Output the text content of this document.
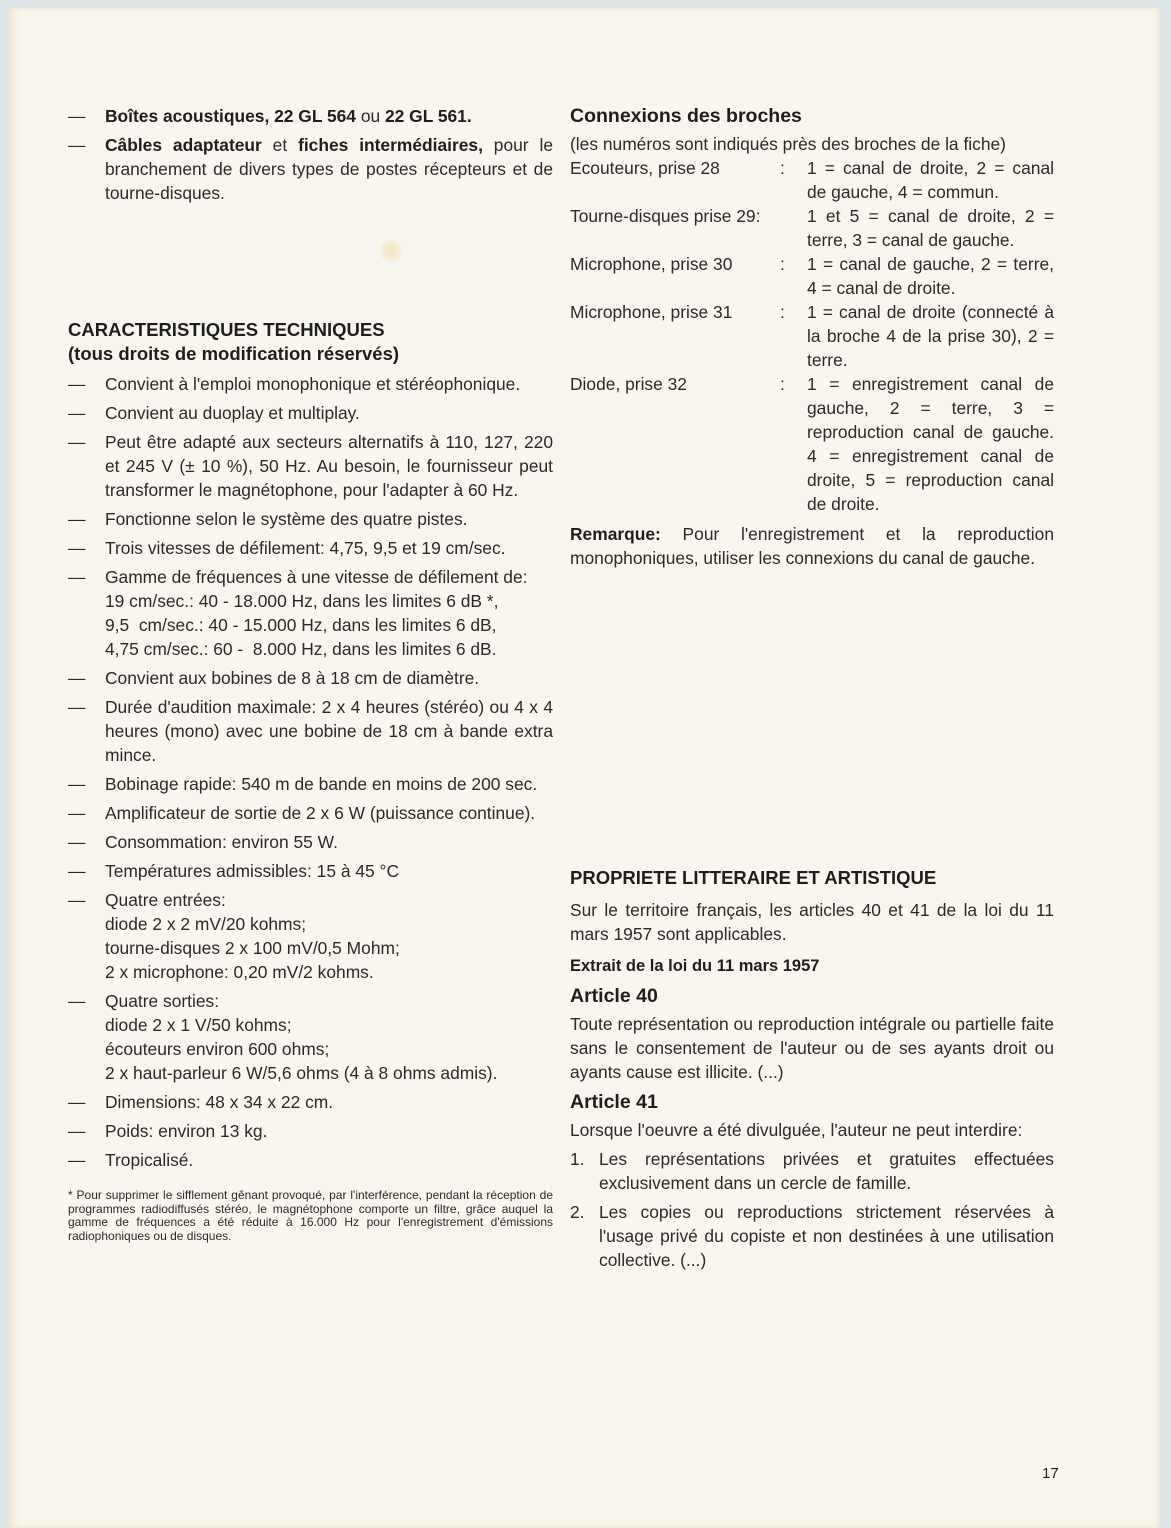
— Boîtes acoustiques, 22 GL 564 ou 22 GL 561.
— Câbles adaptateur et fiches intermédiaires, pour le branchement de divers types de postes récepteurs et de tourne-disques.
CARACTERISTIQUES TECHNIQUES
(tous droits de modification réservés)
— Convient à l'emploi monophonique et stéréophonique.
— Convient au duoplay et multiplay.
— Peut être adapté aux secteurs alternatifs à 110, 127, 220 et 245 V (± 10 %), 50 Hz. Au besoin, le fournisseur peut transformer le magnétophone, pour l'adapter à 60 Hz.
— Fonctionne selon le système des quatre pistes.
— Trois vitesses de défilement: 4,75, 9,5 et 19 cm/sec.
— Gamme de fréquences à une vitesse de défilement de:
19 cm/sec.: 40 - 18.000 Hz, dans les limites 6 dB *,
9,5  cm/sec.: 40 - 15.000 Hz, dans les limites 6 dB,
4,75 cm/sec.: 60 -  8.000 Hz, dans les limites 6 dB.
— Convient aux bobines de 8 à 18 cm de diamètre.
— Durée d'audition maximale: 2 x 4 heures (stéréo) ou 4 x 4 heures (mono) avec une bobine de 18 cm à bande extra mince.
— Bobinage rapide: 540 m de bande en moins de 200 sec.
— Amplificateur de sortie de 2 x 6 W (puissance continue).
— Consommation: environ 55 W.
— Températures admissibles: 15 à 45 °C
— Quatre entrées:
diode 2 x 2 mV/20 kohms;
tourne-disques 2 x 100 mV/0,5 Mohm;
2 x microphone: 0,20 mV/2 kohms.
— Quatre sorties:
diode 2 x 1 V/50 kohms;
écouteurs environ 600 ohms;
2 x haut-parleur 6 W/5,6 ohms (4 à 8 ohms admis).
— Dimensions: 48 x 34 x 22 cm.
— Poids: environ 13 kg.
— Tropicalisé.
* Pour supprimer le sifflement gênant provoqué, par l'interférence, pendant la réception de programmes radiodiffusés stéréo, le magnétophone comporte un filtre, grâce auquel la gamme de fréquences a été réduite à 16.000 Hz pour l'enregistrement d'émissions radiophoniques ou de disques.
Connexions des broches
(les numéros sont indiqués près des broches de la fiche)
Ecouteurs, prise 28	:	1 = canal de droite, 2 = canal de gauche, 4 = commun.
Tourne-disques prise 29:	1 et 5 = canal de droite, 2 = terre, 3 = canal de gauche.
Microphone, prise 30	:	1 = canal de gauche, 2 = terre, 4 = canal de droite.
Microphone, prise 31	:	1 = canal de droite (connecté à la broche 4 de la prise 30), 2 = terre.
Diode, prise 32	:	1 = enregistrement canal de gauche, 2 = terre, 3 = reproduction canal de gauche. 4 = enregistrement canal de droite, 5 = reproduction canal de droite.
Remarque: Pour l'enregistrement et la reproduction monophoniques, utiliser les connexions du canal de gauche.
PROPRIETE LITTERAIRE ET ARTISTIQUE
Sur le territoire français, les articles 40 et 41 de la loi du 11 mars 1957 sont applicables.
Extrait de la loi du 11 mars 1957
Article 40
Toute représentation ou reproduction intégrale ou partielle faite sans le consentement de l'auteur ou de ses ayants droit ou ayants cause est illicite. (...)
Article 41
Lorsque l'oeuvre a été divulguée, l'auteur ne peut interdire:
1. Les représentations privées et gratuites effectuées exclusivement dans un cercle de famille.
2. Les copies ou reproductions strictement réservées à l'usage privé du copiste et non destinées à une utilisation collective. (...)
17
